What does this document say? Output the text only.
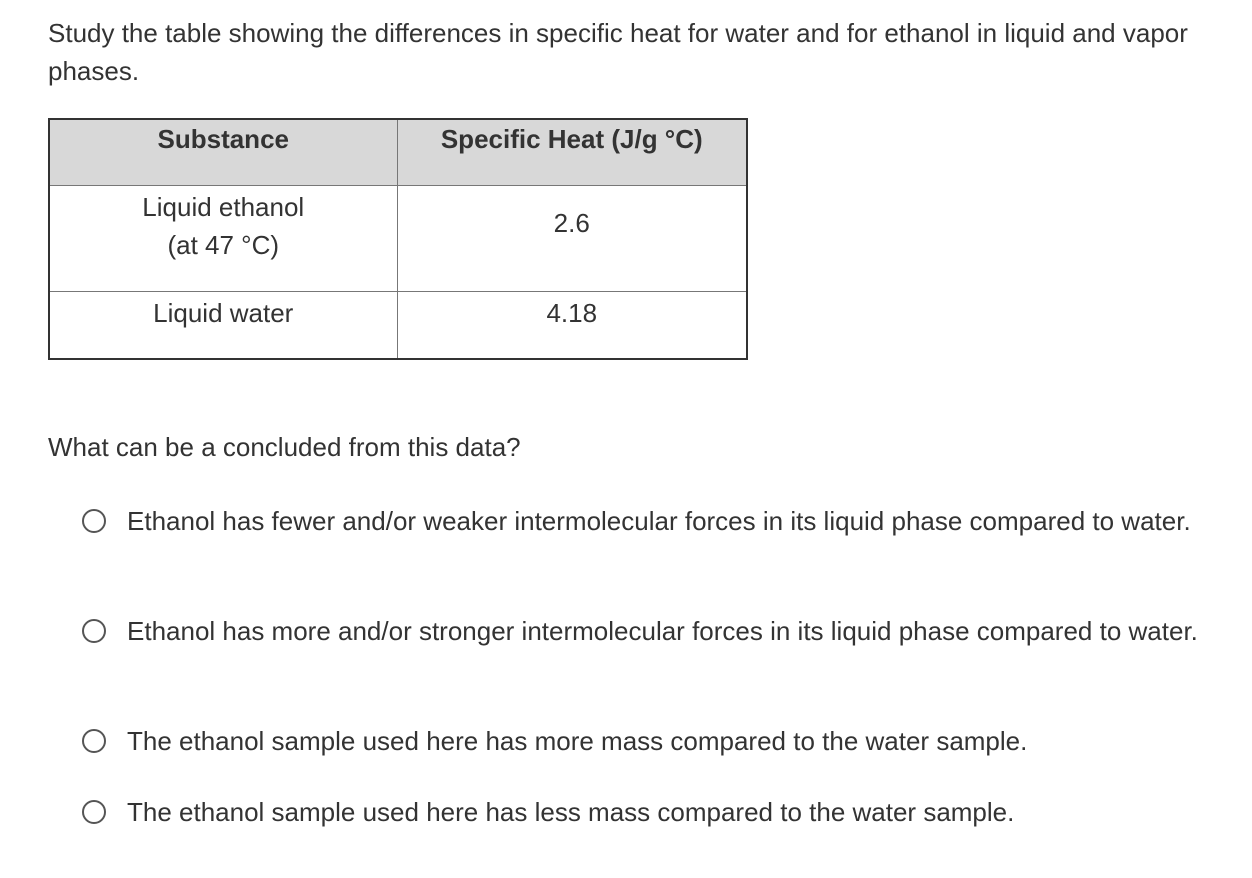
Study the table showing the differences in specific heat for water and for ethanol in liquid and vapor phases.
Substance	Specific Heat (J/g °C)

Liquid ethanol
(at 47 °C)	2.6

Liquid water	4.18
What can be a concluded from this data?
Ethanol has fewer and/or weaker intermolecular forces in its liquid phase compared to water.
Ethanol has more and/or stronger intermolecular forces in its liquid phase compared to water.
The ethanol sample used here has more mass compared to the water sample.
The ethanol sample used here has less mass compared to the water sample.
